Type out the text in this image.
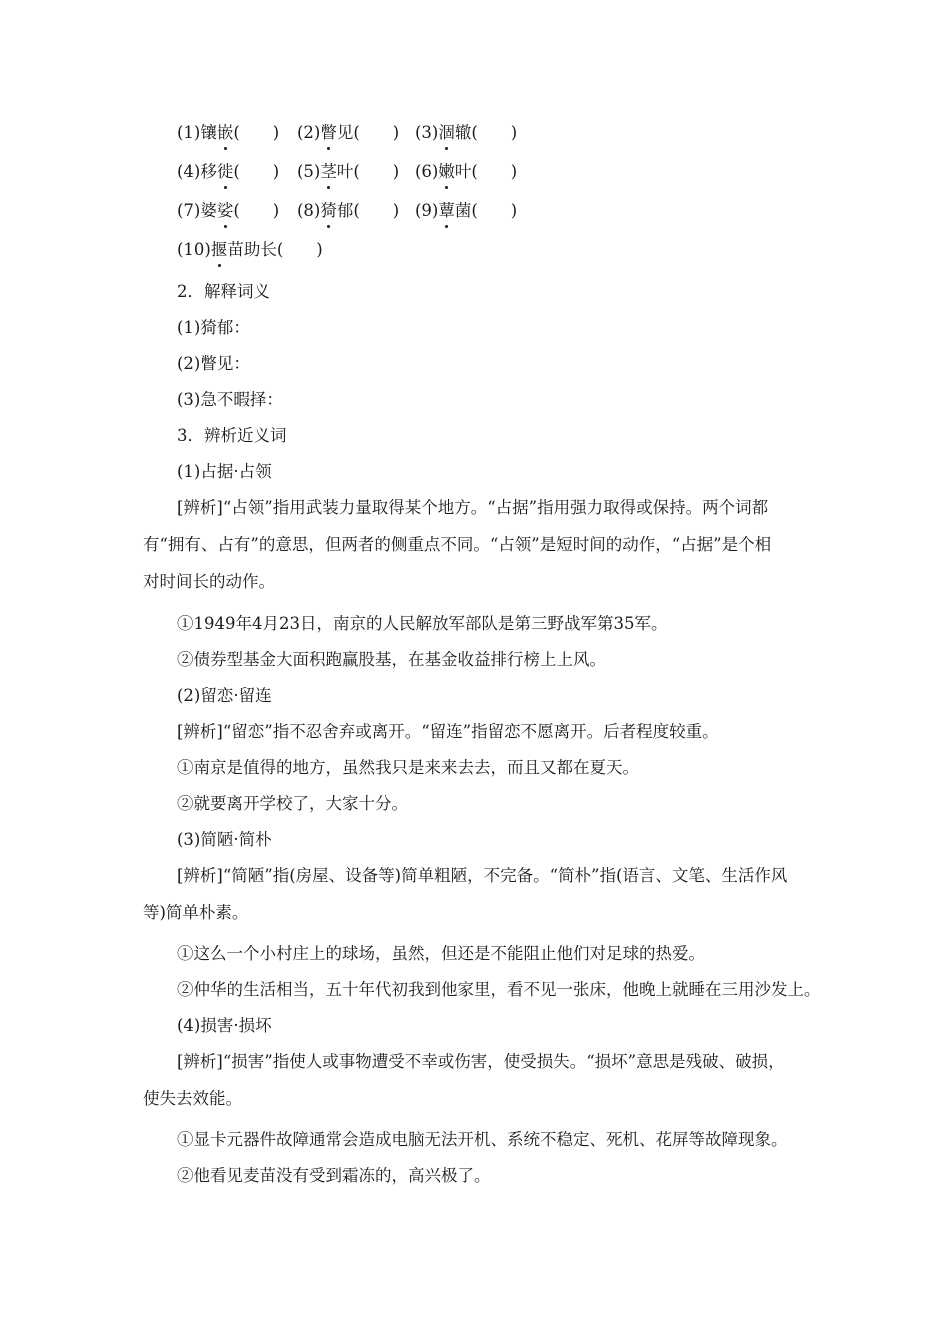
(1)镶嵌(　　)	(2)瞥见(　　) (3)涸辙(　　)
(4)移徙(　　)	(5)茎叶(　　) (6)嫩叶(　　)
(7)婆娑(　　)	(8)猗郁(　　) (9)蕈菌(　　)
(10)揠苗助长(　　)
2．解释词义
(1)猗郁：
(2)瞥见：
(3)急不暇择：
3．辨析近义词
(1)占据·占领
[辨析]“占领”指用武装力量取得某个地方。“占据”指用强力取得或保持。两个词都
有“拥有、占有”的意思，但两者的侧重点不同。“占领”是短时间的动作，“占据”是个相
对时间长的动作。
①1949年4月23日，南京的人民解放军部队是第三野战军第35军。
②债券型基金大面积跑赢股基，在基金收益排行榜上上风。
(2)留恋·留连
[辨析]“留恋”指不忍舍弃或离开。“留连”指留恋不愿离开。后者程度较重。
①南京是值得的地方，虽然我只是来来去去，而且又都在夏天。
②就要离开学校了，大家十分。
(3)简陋·简朴
[辨析]“简陋”指(房屋、设备等)简单粗陋，不完备。“简朴”指(语言、文笔、生活作风
等)简单朴素。
①这么一个小村庄上的球场，虽然，但还是不能阻止他们对足球的热爱。
②仲华的生活相当，五十年代初我到他家里，看不见一张床，他晚上就睡在三用沙发上。
(4)损害·损坏
[辨析]“损害”指使人或事物遭受不幸或伤害，使受损失。“损坏”意思是残破、破损，
使失去效能。
①显卡元器件故障通常会造成电脑无法开机、系统不稳定、死机、花屏等故障现象。
②他看见麦苗没有受到霜冻的，高兴极了。
